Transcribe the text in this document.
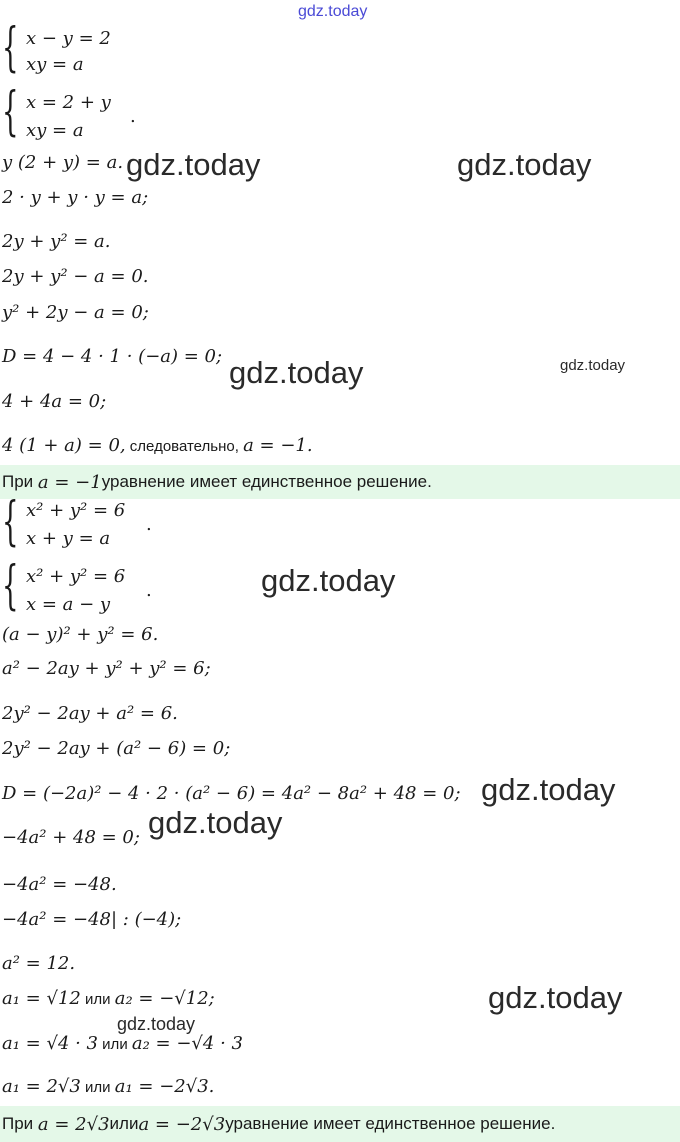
gdz.today
gdz.today	gdz.today
gdz.today	gdz.today
gdz.today
gdz.today
gdz.today
gdz.today
gdz.today
{ x − y = 2
xy = a
{ x = 2 + y
xy = a
.
y (2 + y) = a.
2 · y + y · y = a;
2y + y² = a.
2y + y² − a = 0.
y² + 2y − a = 0;
D = 4 − 4 · 1 · (−a) = 0;
4 + 4a = 0;
4 (1 + a) = 0, следовательно, a = −1.
При
a = −1 уравнение имеет единственное решение.
{ x² + y² = 6
x + y = a
.
{ x² + y² = 6
x = a − y
.
(a − y)² + y² = 6.
a² − 2ay + y² + y² = 6;
2y² − 2ay + a² = 6.
2y² − 2ay + (a² − 6) = 0;
D = (−2a)² − 4 · 2 · (a² − 6) = 4a² − 8a² + 48 = 0;
−4a² + 48 = 0;
−4a² = −48.
−4a² = −48| : (−4);
a² = 12.
a₁ = √12 или a₂ = −√12;
a₁ = √4 · 3 или a₂ = −√4 · 3
a₁ = 2√3 или a₁ = −2√3.
При
a = 2√3 или a = −2√3 уравнение имеет единственное решение.
